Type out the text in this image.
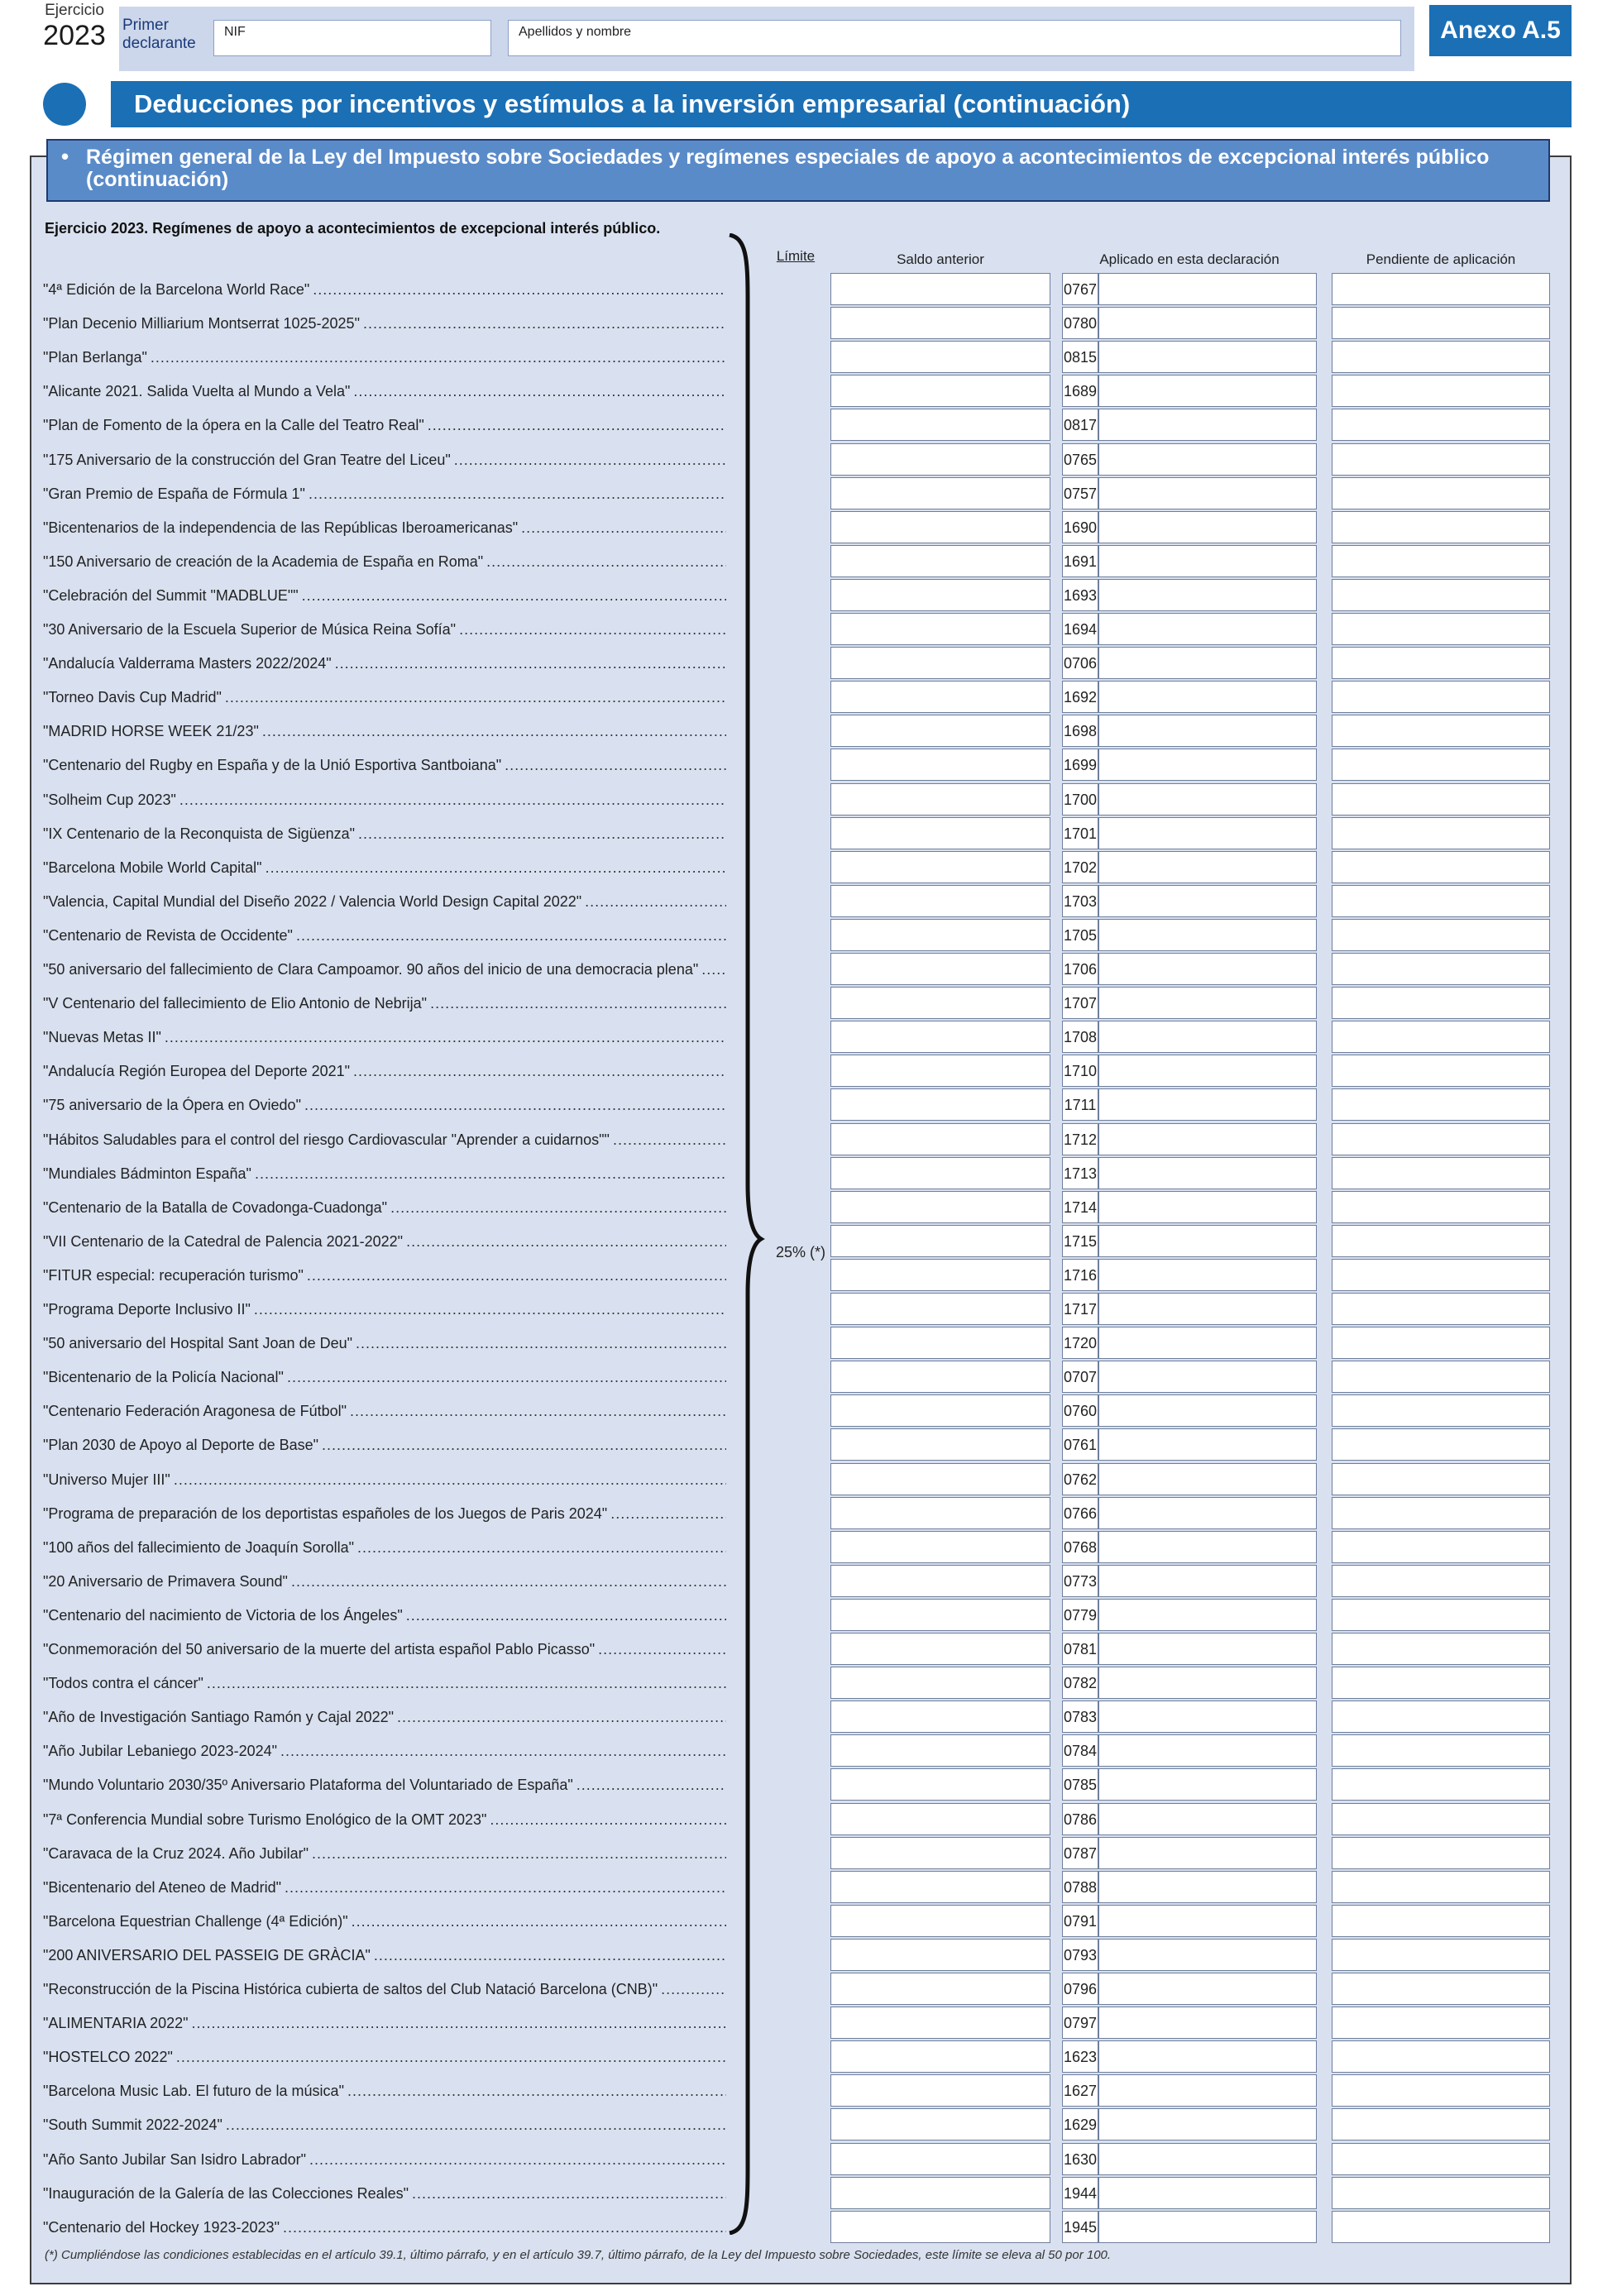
Ejercicio
2023 Primer declarante
NIF	Apellidos y nombre	Anexo A.5
Deducciones por incentivos y estímulos a la inversión empresarial (continuación)
• Régimen general de la Ley del Impuesto sobre Sociedades y regímenes especiales de apoyo a acontecimientos de excepcional interés público (continuación)
Ejercicio 2023. Regímenes de apoyo a acontecimientos de excepcional interés público.
Límite	Saldo anterior	Aplicado en esta declaración	Pendiente de aplicación
25% (*)
"4ª Edición de la Barcelona World Race" .....	0767
"Plan Decenio Milliarium Montserrat 1025-2025" .....	0780
"Plan Berlanga" .....	0815
"Alicante 2021. Salida Vuelta al Mundo a Vela" .....	1689
"Plan de Fomento de la ópera en la Calle del Teatro Real" .....	0817
"175 Aniversario de la construcción del Gran Teatre del Liceu" .....	0765
"Gran Premio de España de Fórmula 1" .....	0757
"Bicentenarios de la independencia de las Repúblicas Iberoamericanas" .....	1690
"150 Aniversario de creación de la Academia de España en Roma" .....	1691
"Celebración del Summit "MADBLUE"" .....	1693
"30 Aniversario de la Escuela Superior de Música Reina Sofía" .....	1694
"Andalucía Valderrama Masters 2022/2024" .....	0706
"Torneo Davis Cup Madrid" .....	1692
"MADRID HORSE WEEK 21/23" .....	1698
"Centenario del Rugby en España y de la Unió Esportiva Santboiana" .....	1699
"Solheim Cup 2023" .....	1700
"IX Centenario de la Reconquista de Sigüenza" .....	1701
"Barcelona Mobile World Capital" .....	1702
"Valencia, Capital Mundial del Diseño 2022 / Valencia World Design Capital 2022" .....	1703
"Centenario de Revista de Occidente" .....	1705
"50 aniversario del fallecimiento de Clara Campoamor. 90 años del inicio de una democracia plena" .....	1706
"V Centenario del fallecimiento de Elio Antonio de Nebrija" .....	1707
"Nuevas Metas II" .....	1708
"Andalucía Región Europea del Deporte 2021" .....	1710
"75 aniversario de la Ópera en Oviedo" .....	1711
"Hábitos Saludables para el control del riesgo Cardiovascular "Aprender a cuidarnos"" .....	1712
"Mundiales Bádminton España" .....	1713
"Centenario de la Batalla de Covadonga-Cuadonga" .....	1714
"VII Centenario de la Catedral de Palencia 2021-2022" .....	1715
"FITUR especial: recuperación turismo" .....	1716
"Programa Deporte Inclusivo II" .....	1717
"50 aniversario del Hospital Sant Joan de Deu" .....	1720
"Bicentenario de la Policía Nacional" .....	0707
"Centenario Federación Aragonesa de Fútbol" .....	0760
"Plan 2030 de Apoyo al Deporte de Base" .....	0761
"Universo Mujer III" .....	0762
"Programa de preparación de los deportistas españoles de los Juegos de Paris 2024" .....	0766
"100 años del fallecimiento de Joaquín Sorolla" .....	0768
"20 Aniversario de Primavera Sound" .....	0773
"Centenario del nacimiento de Victoria de los Ángeles" .....	0779
"Conmemoración del 50 aniversario de la muerte del artista español Pablo Picasso" .....	0781
"Todos contra el cáncer" .....	0782
"Año de Investigación Santiago Ramón y Cajal 2022" .....	0783
"Año Jubilar Lebaniego 2023-2024" .....	0784
"Mundo Voluntario 2030/35º Aniversario Plataforma del Voluntariado de España" .....	0785
"7ª Conferencia Mundial sobre Turismo Enológico de la OMT 2023" .....	0786
"Caravaca de la Cruz 2024. Año Jubilar" .....	0787
"Bicentenario del Ateneo de Madrid" .....	0788
"Barcelona Equestrian Challenge (4ª Edición)" .....	0791
"200 ANIVERSARIO DEL PASSEIG DE GRÀCIA" .....	0793
"Reconstrucción de la Piscina Histórica cubierta de saltos del Club Natació Barcelona (CNB)" .....	0796
"ALIMENTARIA 2022" .....	0797
"HOSTELCO 2022" .....	1623
"Barcelona Music Lab. El futuro de la música" .....	1627
"South Summit 2022-2024" .....	1629
"Año Santo Jubilar San Isidro Labrador" .....	1630
"Inauguración de la Galería de las Colecciones Reales" .....	1944
"Centenario del Hockey 1923-2023" .....	1945
(*) Cumpliéndose las condiciones establecidas en el artículo 39.1, último párrafo, y en el artículo 39.7, último párrafo, de la Ley del Impuesto sobre Sociedades, este límite se eleva al 50 por 100.
